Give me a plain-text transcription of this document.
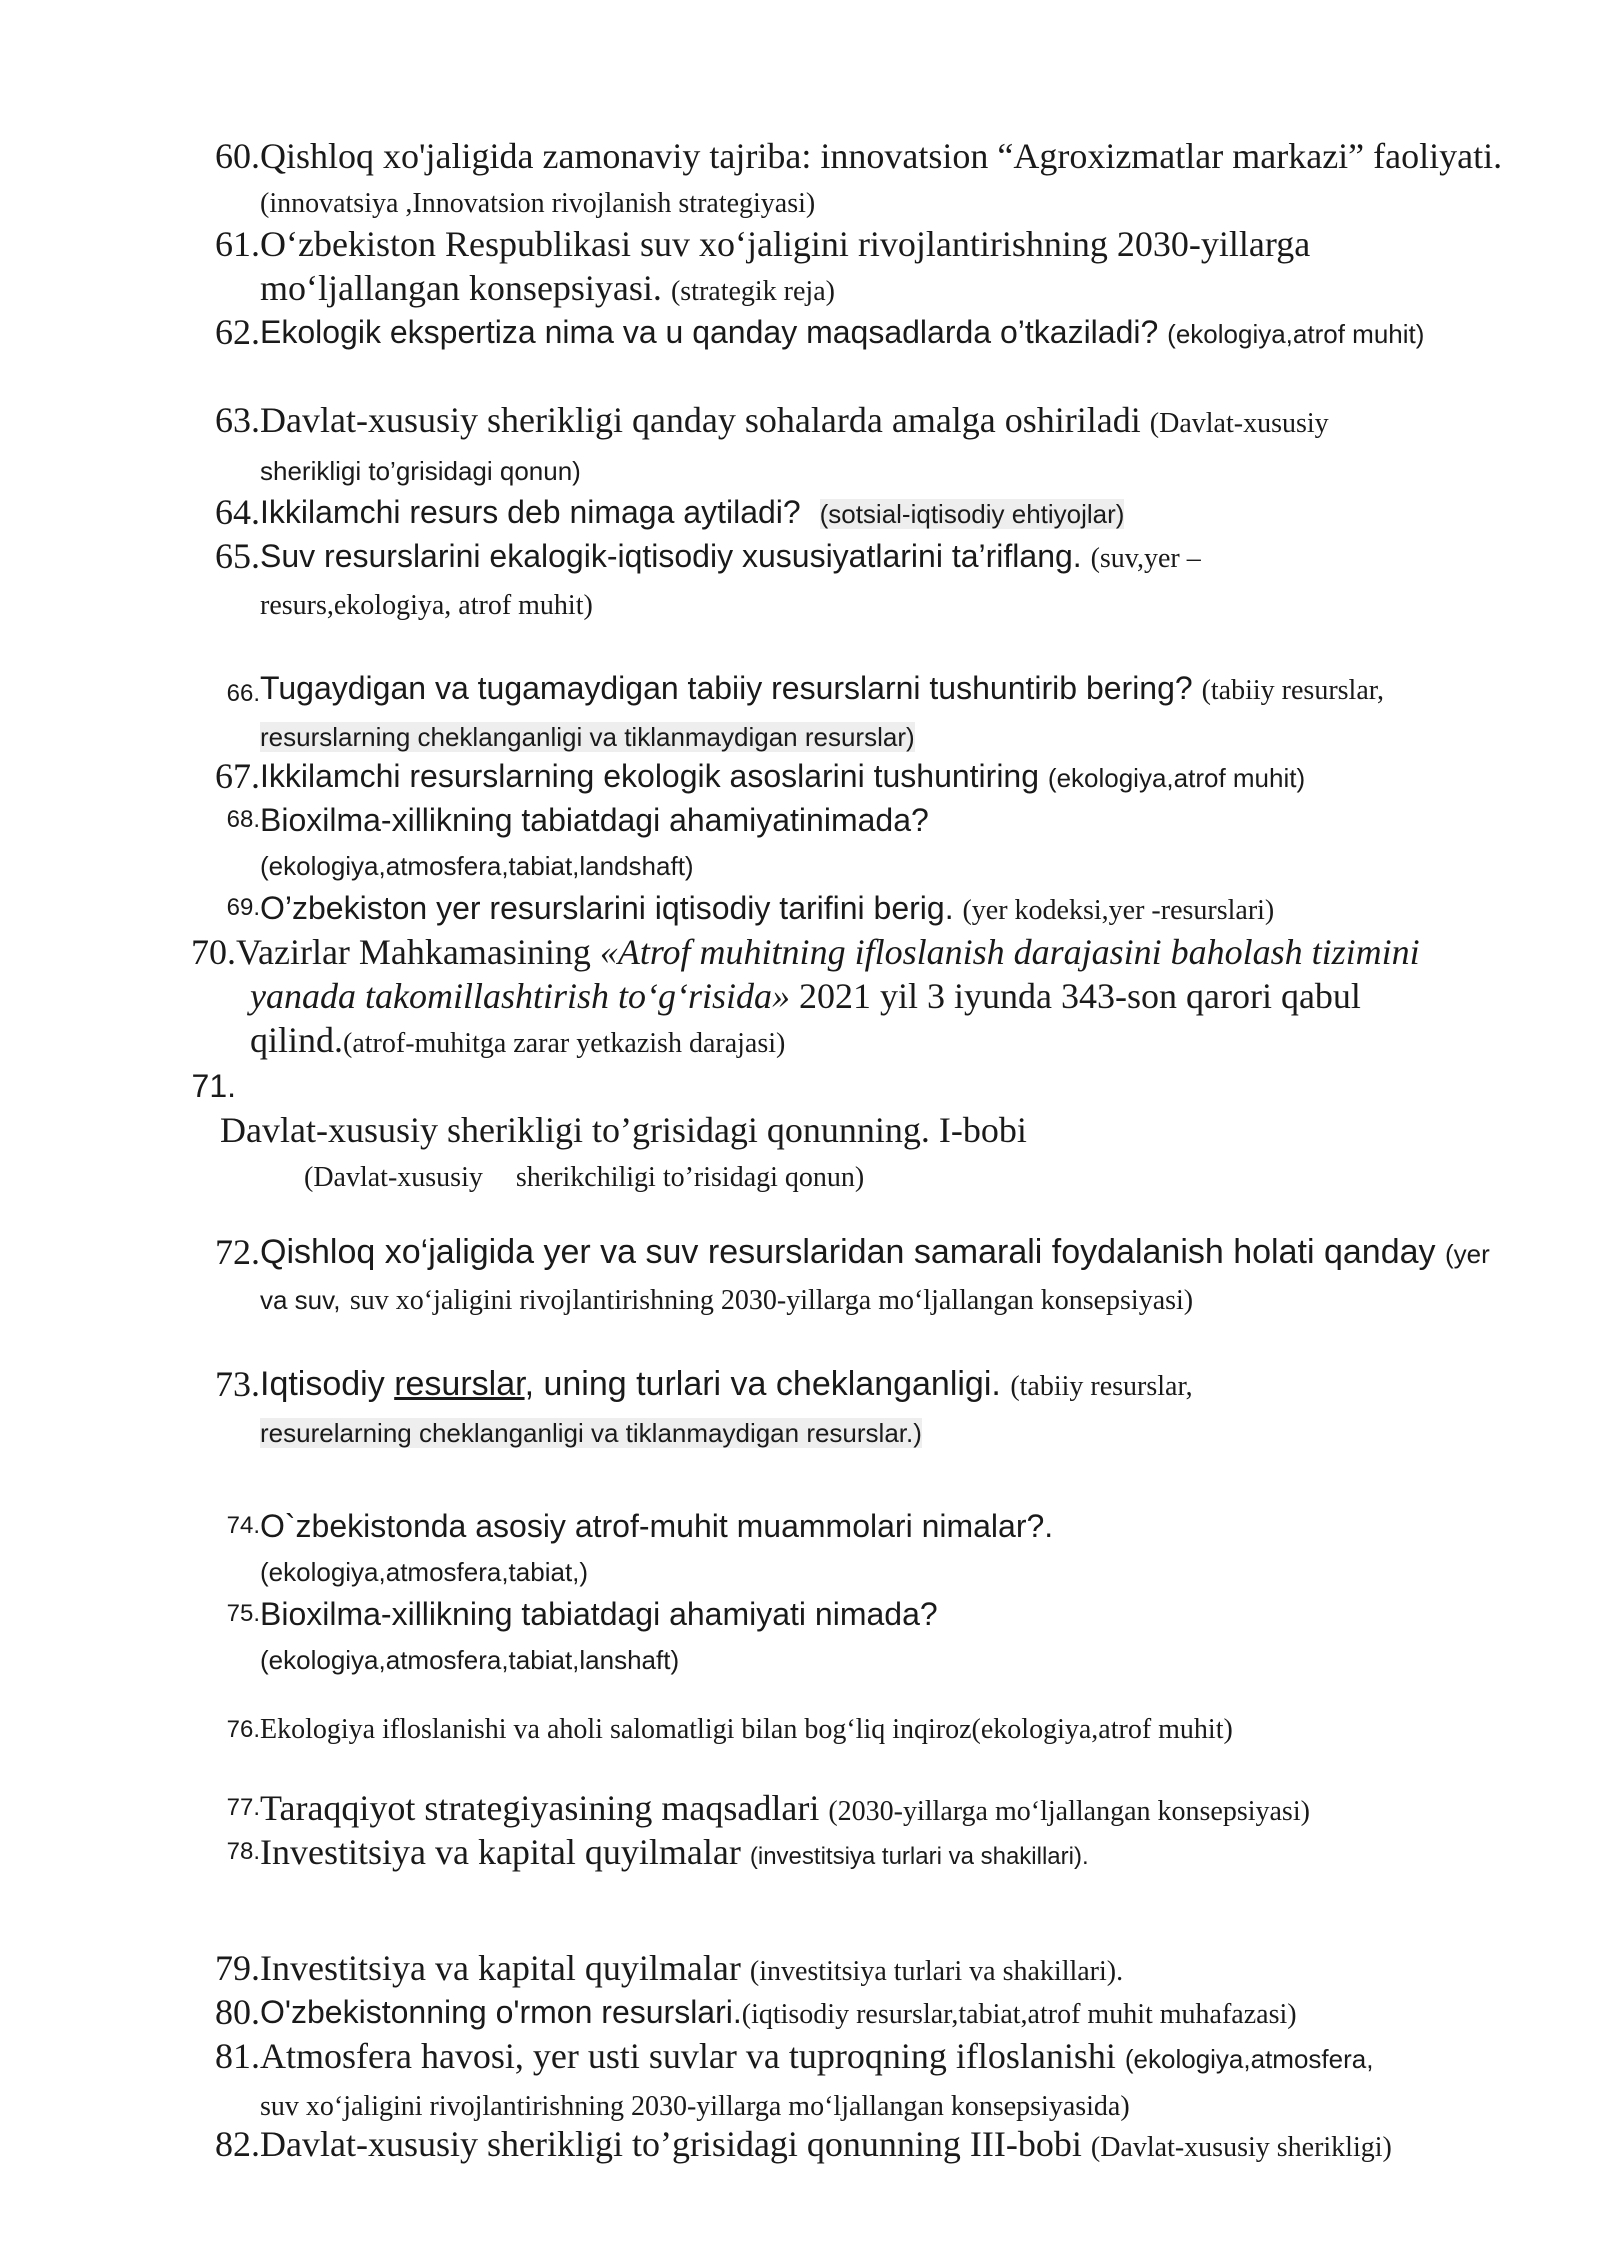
60. Qishloq xo'jaligida zamonaviy tajriba: innovatsion “Agroxizmatlar markazi” faoliyati. (innovatsiya ,Innovatsion rivojlanish strategiyasi)
61. O‘zbekiston Respublikasi suv xo‘jaligini rivojlantirishning 2030-yillarga mo‘ljallangan konsepsiyasi. (strategik reja)
62. Ekologik ekspertiza nima va u qanday maqsadlarda o’tkaziladi? (ekologiya,atrof muhit)
63. Davlat-xususiy sherikligi qanday sohalarda amalga oshiriladi (Davlat-xususiy
sherikligi to’grisidagi qonun)
64. Ikkilamchi resurs deb nimaga aytiladi? (sotsial-iqtisodiy ehtiyojlar)
65. Suv resurslarini ekalogik-iqtisodiy xususiyatlarini ta’riflang. (suv,yer –
resurs,ekologiya, atrof muhit)
66. Tugaydigan va tugamaydigan tabiiy resurslarni tushuntirib bering? (tabiiy resurslar,
resurslarning cheklanganligi va tiklanmaydigan resurslar)
67. Ikkilamchi resurslarning ekologik asoslarini tushuntiring (ekologiya,atrof muhit)
68. Bioxilma-xillikning tabiatdagi ahamiyatinimada?
(ekologiya,atmosfera,tabiat,landshaft)
69. O’zbekiston yer resurslarini iqtisodiy tarifini berig. (yer kodeksi,yer -resurslari)
70. Vazirlar Mahkamasining «Atrof muhitning ifloslanish darajasini baholash tizimini yanada takomillashtirish to‘g‘risida» 2021 yil 3 iyunda 343-son qarori qabul qilind.(atrof-muhitga zarar yetkazish darajasi)
71.
Davlat-xususiy sherikligi to’grisidagi qonunning. I-bobi
(Davlat-xususiy sherikchiligi to’risidagi qonun)
72. Qishloq xo‘jaligida yer va suv resurslaridan samarali foydalanish holati qanday (yer va suv, suv xo‘jaligini rivojlantirishning 2030-yillarga mo‘ljallangan konsepsiyasi)
73. Iqtisodiy resurslar, uning turlari va cheklanganligi. (tabiiy resurslar,
resurelarning cheklanganligi va tiklanmaydigan resurslar.)
74. O`zbekistonda asosiy atrof-muhit muammolari nimalar?.
(ekologiya,atmosfera,tabiat,)
75. Bioxilma-xillikning tabiatdagi ahamiyati nimada?
(ekologiya,atmosfera,tabiat,lanshaft)
76. Ekologiya ifloslanishi va aholi salomatligi bilan bog‘liq inqiroz(ekologiya,atrof muhit)
77. Taraqqiyot strategiyasining maqsadlari (2030-yillarga mo‘ljallangan konsepsiyasi)
78. Investitsiya va kapital quyilmalar (investitsiya turlari va shakillari).
79. Investitsiya va kapital quyilmalar (investitsiya turlari va shakillari).
80. O'zbekistonning o'rmon resurslari.(iqtisodiy resurslar,tabiat,atrof muhit muhafazasi)
81. Atmosfera havosi, yer usti suvlar va tuproqning ifloslanishi (ekologiya,atmosfera,
suv xo‘jaligini rivojlantirishning 2030-yillarga mo‘ljallangan konsepsiyasida)
82. Davlat-xususiy sherikligi to’grisidagi qonunning III-bobi (Davlat-xususiy sherikligi)
